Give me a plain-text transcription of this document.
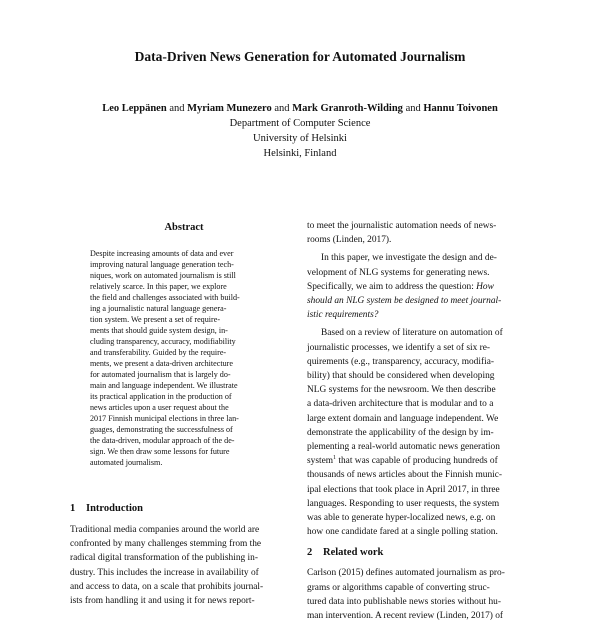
Data-Driven News Generation for Automated Journalism
Leo Leppänen and Myriam Munezero and Mark Granroth-Wilding and Hannu Toivonen
Department of Computer Science
University of Helsinki
Helsinki, Finland
Abstract
Despite increasing amounts of data and ever
improving natural language generation tech-
niques, work on automated journalism is still
relatively scarce. In this paper, we explore
the field and challenges associated with build-
ing a journalistic natural language genera-
tion system. We present a set of require-
ments that should guide system design, in-
cluding transparency, accuracy, modifiability
and transferability. Guided by the require-
ments, we present a data-driven architecture
for automated journalism that is largely do-
main and language independent. We illustrate
its practical application in the production of
news articles upon a user request about the
2017 Finnish municipal elections in three lan-
guages, demonstrating the successfulness of
the data-driven, modular approach of the de-
sign. We then draw some lessons for future
automated journalism.
1 Introduction
Traditional media companies around the world are
confronted by many challenges stemming from the
radical digital transformation of the publishing in-
dustry. This includes the increase in availability of
and access to data, on a scale that prohibits journal-
ists from handling it and using it for news report-
to meet the journalistic automation needs of news-
rooms (Linden, 2017).
In this paper, we investigate the design and de-
velopment of NLG systems for generating news.
Specifically, we aim to address the question: How
should an NLG system be designed to meet journal-
istic requirements?
Based on a review of literature on automation of
journalistic processes, we identify a set of six re-
quirements (e.g., transparency, accuracy, modifia-
bility) that should be considered when developing
NLG systems for the newsroom. We then describe
a data-driven architecture that is modular and to a
large extent domain and language independent. We
demonstrate the applicability of the design by im-
plementing a real-world automatic news generation
system$^1$ that was capable of producing hundreds of
thousands of news articles about the Finnish munic-
ipal elections that took place in April 2017, in three
languages. Responding to user requests, the system
was able to generate hyper-localized news, e.g. on
how one candidate fared at a single polling station.
2 Related work
Carlson (2015) defines automated journalism as pro-
grams or algorithms capable of converting struc-
tured data into publishable news stories without hu-
man intervention. A recent review (Linden, 2017) of
